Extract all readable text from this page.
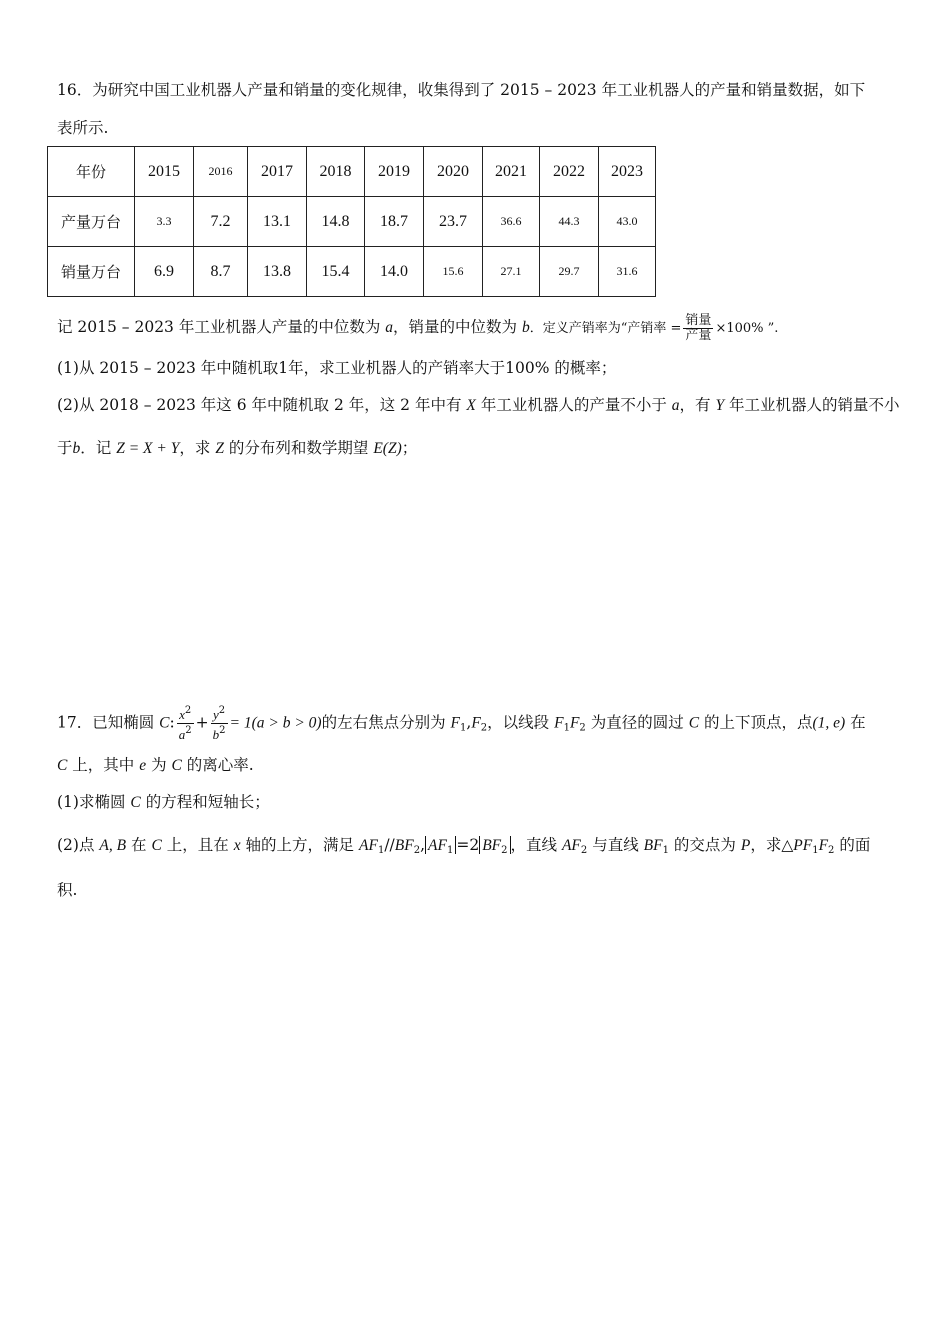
16．为研究中国工业机器人产量和销量的变化规律，收集得到了 2015 – 2023 年工业机器人的产量和销量数据，如下
表所示.
年份	2015	2016	2017	2018	2019	2020	2021	2022	2023
产量万台	3.3	7.2	13.1	14.8	18.7	23.7	36.6	44.3	43.0
销量万台	6.9	8.7	13.8	15.4	14.0	15.6	27.1	29.7	31.6
记 2015 – 2023 年工业机器人产量的中位数为 a，销量的中位数为 b．定义产销率为“产销率 = $\frac{\text{销量}}{\text{产量}} \times 100\%$ ”.
(1)从 2015 – 2023 年中随机取1年，求工业机器人的产销率大于100% 的概率；
(2)从 2018 – 2023 年这 6 年中随机取 2 年，这 2 年中有 X 年工业机器人的产量不小于 a，有 Y 年工业机器人的销量不小
于b．记 Z = X + Y，求 Z 的分布列和数学期望 E(Z)；
17．已知椭圆 C: $\frac{x^2}{a^2} + \frac{y^2}{b^2} = 1(a > b > 0)$的左右焦点分别为 $F_1,F_2$，以线段 $F_1F_2$ 为直径的圆过 C 的上下顶点，点(1, e) 在
C 上，其中 e 为 C 的离心率.
(1)求椭圆 C 的方程和短轴长；
(2)点 A, B 在 C 上，且在 x 轴的上方，满足 $AF_1//BF_2$, $AF_1 =2$ $BF_2$ ，直线 $AF_2$ 与直线 $BF_1$ 的交点为 P，求$\triangle PF_1F_2$ 的面
积.
